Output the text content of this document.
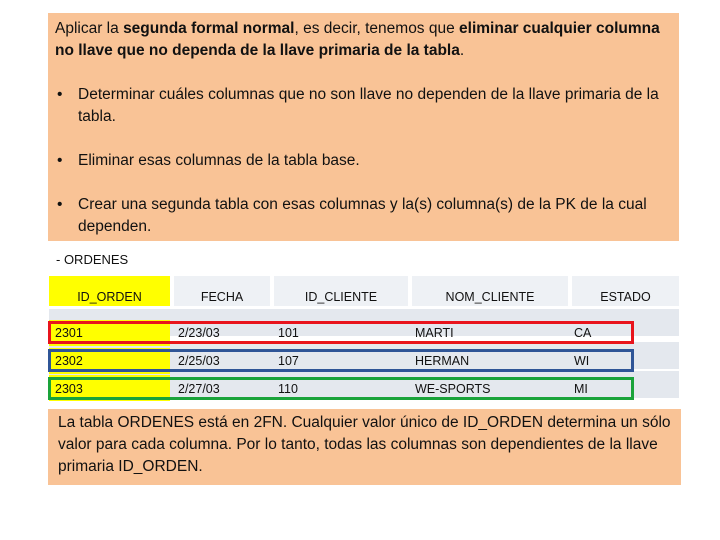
Aplicar la segunda formal normal, es decir, tenemos que eliminar cualquier columna no llave que no dependa de la llave primaria de la tabla.
• Determinar cuáles columnas que no son llave no dependen de la llave primaria de la tabla.
• Eliminar esas columnas de la tabla base.
• Crear una segunda tabla con esas columnas y la(s) columna(s) de la PK de la cual dependen.
- ORDENES
ID_ORDEN	FECHA	ID_CLIENTE	NOM_CLIENTE	ESTADO
2301	2/23/03	101	MARTI	CA
2302	2/25/03	107	HERMAN	WI
2303	2/27/03	110	WE-SPORTS	MI
La tabla ORDENES está en 2FN. Cualquier valor único de ID_ORDEN determina un sólo valor para cada columna. Por lo tanto, todas las columnas son dependientes de la llave primaria ID_ORDEN.
